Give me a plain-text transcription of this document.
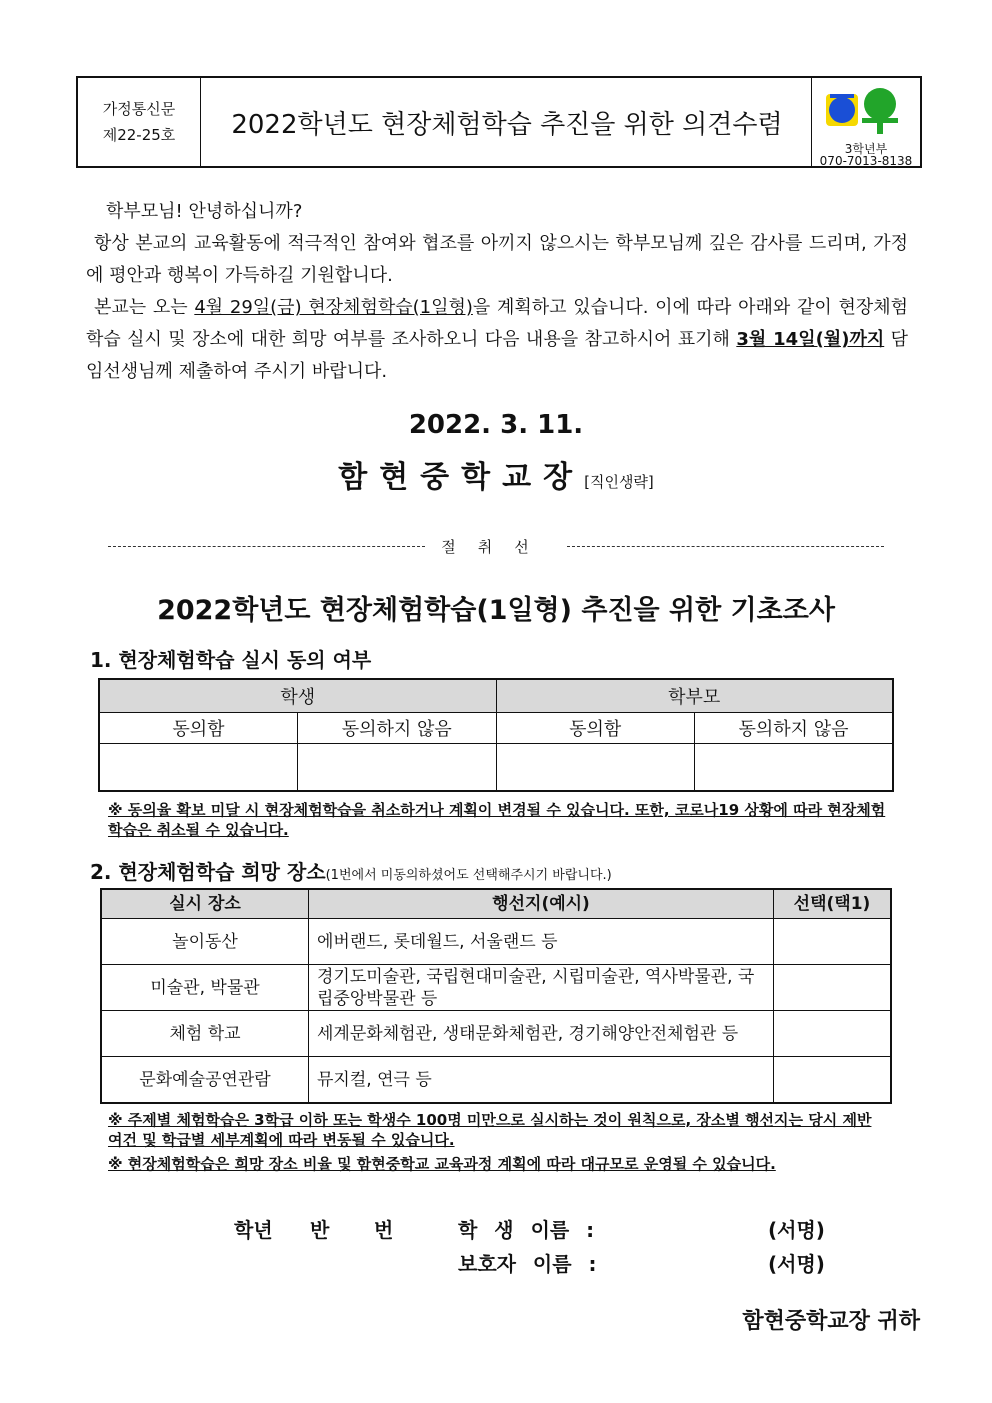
가정통신문
제22-25호	2022학년도 현장체험학습 추진을 위한 의견수렴
3학년부
070-7013-8138

학부모님! 안녕하십니까?

항상 본교의 교육활동에 적극적인 참여와 협조를 아끼지 않으시는 학부모님께 깊은 감사를 드리며, 가정에 평안과 행복이 가득하길 기원합니다.

본교는 오는 4월 29일(금) 현장체험학습(1일형)을 계획하고 있습니다. 이에 따라 아래와 같이 현장체험학습 실시 및 장소에 대한 희망 여부를 조사하오니 다음 내용을 참고하시어 표기해 3월 14일(월)까지 담임선생님께 제출하여 주시기 바랍니다.

2022. 3. 11.
함현중학교장[직인생략]
절취선
2022학년도 현장체험학습(1일형) 추진을 위한 기초조사
1. 현장체험학습 실시 동의 여부
학생		학부모	
동의함	동의하지 않음	동의함	동의하지 않음

※ 동의율 확보 미달 시 현장체험학습을 취소하거나 계획이 변경될 수 있습니다. 또한, 코로나19 상황에 따라 현장체험학습은 취소될 수 있습니다.
2. 현장체험학습 희망 장소(1번에서 미동의하셨어도 선택해주시기 바랍니다.)
실시 장소	행선지(예시)	선택(택1)
놀이동산	에버랜드, 롯데월드, 서울랜드 등	
미술관, 박물관	경기도미술관, 국립현대미술관, 시립미술관, 역사박물관, 국립중앙박물관 등	
체험 학교	세계문화체험관, 생태문화체험관, 경기해양안전체험관 등	
문화예술공연관람	뮤지컬, 연극 등	
※ 주제별 체험학습은 3학급 이하 또는 학생수 100명 미만으로 실시하는 것이 원칙으로, 장소별 행선지는 당시 제반 여건 및 학급별 세부계획에 따라 변동될 수 있습니다.
※ 현장체험학습은 희망 장소 비율 및 함현중학교 교육과정 계획에 따라 대규모로 운영될 수 있습니다.
학년 반 번	학 생 이름 :	(서명)
보호자 이름 :	(서명)
함현중학교장 귀하
